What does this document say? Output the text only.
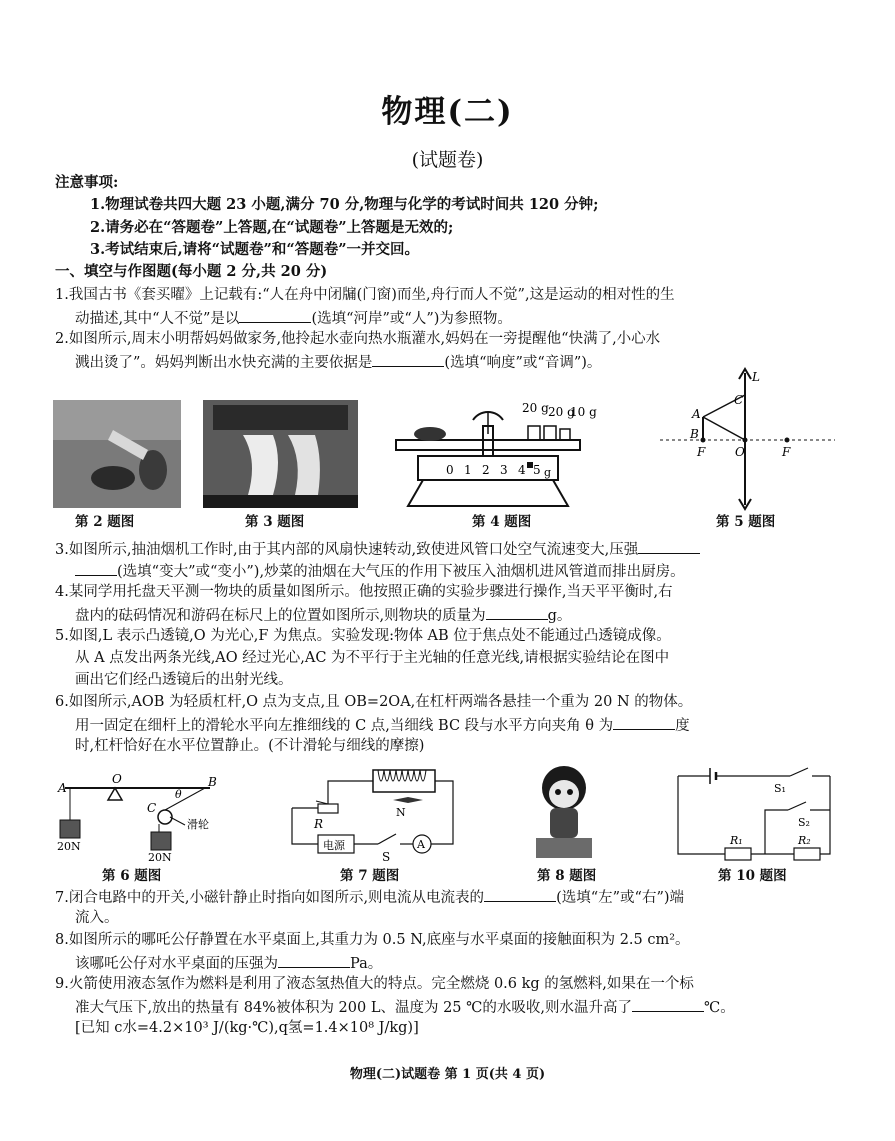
物理(二)
(试题卷)
注意事项:
1.物理试卷共四大题 23 小题,满分 70 分,物理与化学的考试时间共 120 分钟;
2.请务必在“答题卷”上答题,在“试题卷”上答题是无效的;
3.考试结束后,请将“试题卷”和“答题卷”一并交回。
一、填空与作图题(每小题 2 分,共 20 分)
1.我国古书《套买曜》上记载有:“人在舟中闭牖(门窗)而坐,舟行而人不觉”,这是运动的相对性的生
动描述,其中“人不觉”是以	(选填“河岸”或“人”)为参照物。
2.如图所示,周末小明帮妈妈做家务,他拎起水壶向热水瓶灌水,妈妈在一旁提醒他“快满了,小心水
溅出烫了”。妈妈判断出水快充满的主要依据是	(选填“响度”或“音调”)。
20 g 20 g
10 g
0 1 2 3 4 5 g
L
A
B
C
F O	F
第 2 题图	第 3 题图	第 4 题图	第 5 题图
3.如图所示,抽油烟机工作时,由于其内部的风扇快速转动,致使进风管口处空气流速变大,压强
(选填“变大”或“变小”),炒菜的油烟在大气压的作用下被压入油烟机进风管道而排出厨房。
4.某同学用托盘天平测一物块的质量如图所示。他按照正确的实验步骤进行操作,当天平平衡时,右
盘内的砝码情况和游码在标尺上的位置如图所示,则物块的质量为	g。
5.如图,L 表示凸透镜,O 为光心,F 为焦点。实验发现:物体 AB 位于焦点处不能通过凸透镜成像。
从 A 点发出两条光线,AO 经过光心,AC 为不平行于主光轴的任意光线,请根据实验结论在图中
画出它们经凸透镜后的出射光线。
6.如图所示,AOB 为轻质杠杆,O 点为支点,且 OB=2OA,在杠杆两端各悬挂一个重为 20 N 的物体。
用一固定在细杆上的滑轮水平向左推细线的 C 点,当细线 BC 段与水平方向夹角 θ 为	度
时,杠杆恰好在水平位置静止。(不计滑轮与细线的摩擦)
A
O	B
C
θ
滑轮
20N
20N
N
R
电源
S
A
S₁
R₁	R₂
S₂
第 6 题图	第 7 题图	第 8 题图	第 10 题图
7.闭合电路中的开关,小磁针静止时指向如图所示,则电流从电流表的	(选填“左”或“右”)端
流入。
8.如图所示的哪吒公仔静置在水平桌面上,其重力为 0.5 N,底座与水平桌面的接触面积为 2.5 cm²。
该哪吒公仔对水平桌面的压强为	Pa。
9.火箭使用液态氢作为燃料是利用了液态氢热值大的特点。完全燃烧 0.6 kg 的氢燃料,如果在一个标
准大气压下,放出的热量有 84%被体积为 200 L、温度为 25 ℃的水吸收,则水温升高了	℃。
[已知 c水=4.2×10³ J/(kg·℃),q氢=1.4×10⁸ J/kg)]
物理(二)试题卷 第 1 页(共 4 页)
